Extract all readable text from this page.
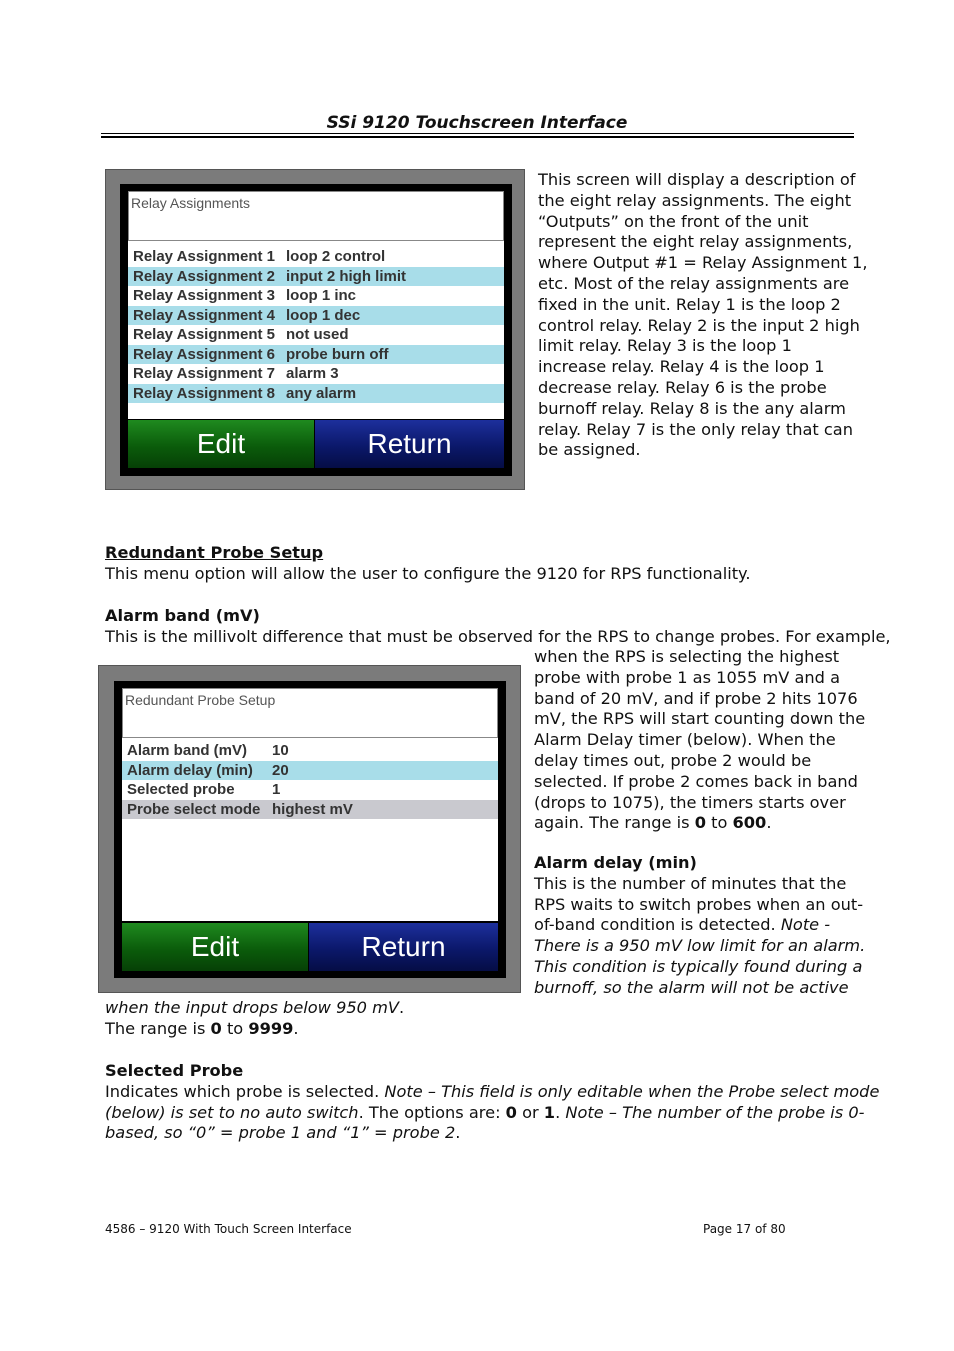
SSi 9120 Touchscreen Interface
Relay Assignments
Relay Assignment 1 loop 2 control
Relay Assignment 2 input 2 high limit
Relay Assignment 3 loop 1 inc
Relay Assignment 4 loop 1 dec
Relay Assignment 5 not used
Relay Assignment 6 probe burn off
Relay Assignment 7 alarm 3
Relay Assignment 8 any alarm
Edit	Return

This screen will display a description of

the eight relay assignments. The eight

“Outputs” on the front of the unit

represent the eight relay assignments,

where Output #1 = Relay Assignment 1,

etc. Most of the relay assignments are

fixed in the unit. Relay 1 is the loop 2

control relay. Relay 2 is the input 2 high

limit relay. Relay 3 is the loop 1

increase relay. Relay 4 is the loop 1

decrease relay. Relay 6 is the probe

burnoff relay. Relay 8 is the any alarm

relay. Relay 7 is the only relay that can

be assigned.

Redundant Probe Setup

This menu option will allow the user to configure the 9120 for RPS functionality.

Alarm band (mV)

This is the millivolt difference that must be observed for the RPS to change probes. For example,

Redundant Probe Setup
Alarm band (mV) 10
Alarm delay (min) 20
Selected probe 1
Probe select mode highest mV
Edit	Return

when the RPS is selecting the highest

probe with probe 1 as 1055 mV and a

band of 20 mV, and if probe 2 hits 1076

mV, the RPS will start counting down the

Alarm Delay timer (below). When the

delay times out, probe 2 would be

selected. If probe 2 comes back in band

(drops to 1075), the timers starts over

again. The range is 0 to 600.

Alarm delay (min)

This is the number of minutes that the

RPS waits to switch probes when an out-

of-band condition is detected. Note -

There is a 950 mV low limit for an alarm.

This condition is typically found during a

burnoff, so the alarm will not be active

when the input drops below 950 mV.

The range is 0 to 9999.

Selected Probe

Indicates which probe is selected. Note – This field is only editable when the Probe select mode

(below) is set to no auto switch. The options are: 0 or 1. Note – The number of the probe is 0-

based, so “0” = probe 1 and “1” = probe 2.

4586 – 9120 With Touch Screen Interface	Page 17 of 80
